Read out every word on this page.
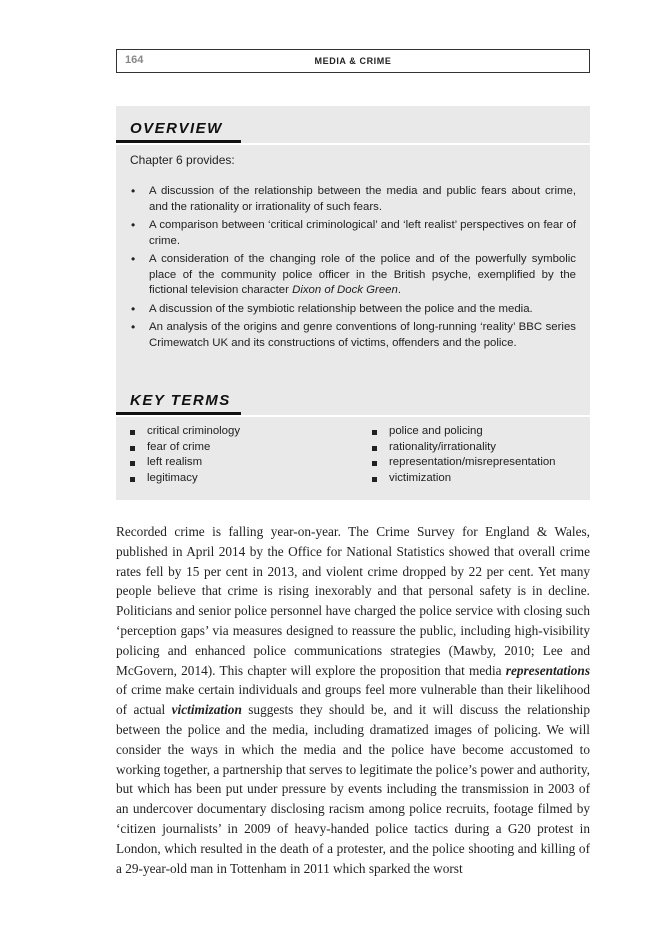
164	MEDIA & CRIME
OVERVIEW
Chapter 6 provides:
• A discussion of the relationship between the media and public fears about crime, and the rationality or irrationality of such fears.
• A comparison between ‘critical criminological’ and ‘left realist’ perspectives on fear of crime.
• A consideration of the changing role of the police and of the powerfully symbolic place of the community police officer in the British psyche, exemplified by the fictional television character Dixon of Dock Green.
• A discussion of the symbiotic relationship between the police and the media.
• An analysis of the origins and genre conventions of long-running ‘reality’ BBC series Crimewatch UK and its constructions of victims, offenders and the police.
KEY TERMS
critical criminology
fear of crime
left realism
legitimacy
police and policing
rationality/irrationality
representation/misrepresentation
victimization

Recorded crime is falling year-on-year. The Crime Survey for England & Wales, published in April 2014 by the Office for National Statistics showed that overall crime rates fell by 15 per cent in 2013, and violent crime dropped by 22 per cent. Yet many people believe that crime is rising inexorably and that personal safety is in decline. Politicians and senior police personnel have charged the police service with closing such ‘perception gaps’ via measures designed to reassure the public, including high-visibility policing and enhanced police communications strategies (Mawby, 2010; Lee and McGovern, 2014). This chapter will explore the proposition that media representations of crime make certain individuals and groups feel more vulnerable than their likelihood of actual victimization suggests they should be, and it will discuss the relationship between the police and the media, including dramatized images of policing. We will consider the ways in which the media and the police have become accustomed to working together, a partnership that serves to legitimate the police’s power and authority, but which has been put under pressure by events including the transmission in 2003 of an undercover documentary disclosing racism among police recruits, footage filmed by ‘citizen journalists’ in 2009 of heavy-handed police tactics during a G20 protest in London, which resulted in the death of a protester, and the police shooting and killing of a 29-year-old man in Tottenham in 2011 which sparked the worst
